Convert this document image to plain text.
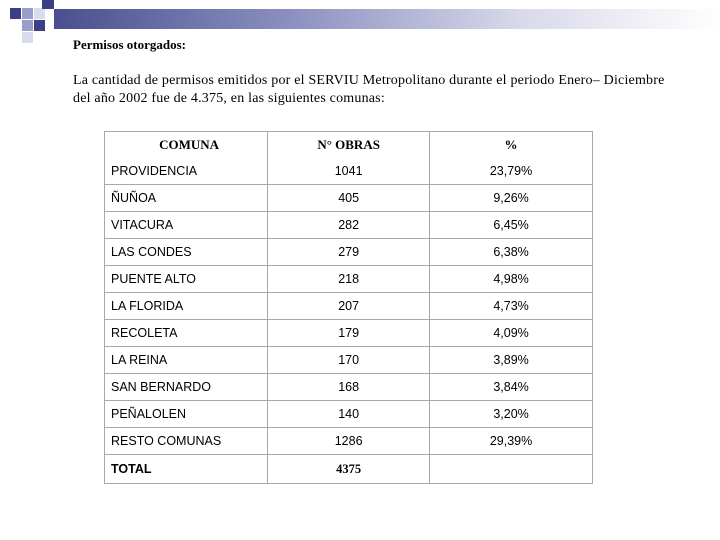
Permisos otorgados:
La cantidad de permisos emitidos por el SERVIU Metropolitano durante el periodo Enero– Diciembre del año 2002 fue de 4.375, en las siguientes comunas:
COMUNA	N° OBRAS	%
PROVIDENCIA	1041	23,79%
ÑUÑOA	405	9,26%
VITACURA	282	6,45%
LAS CONDES	279	6,38%
PUENTE ALTO	218	4,98%
LA FLORIDA	207	4,73%
RECOLETA	179	4,09%
LA REINA	170	3,89%
SAN BERNARDO	168	3,84%
PEÑALOLEN	140	3,20%
RESTO COMUNAS	1286	29,39%
TOTAL	4375	
